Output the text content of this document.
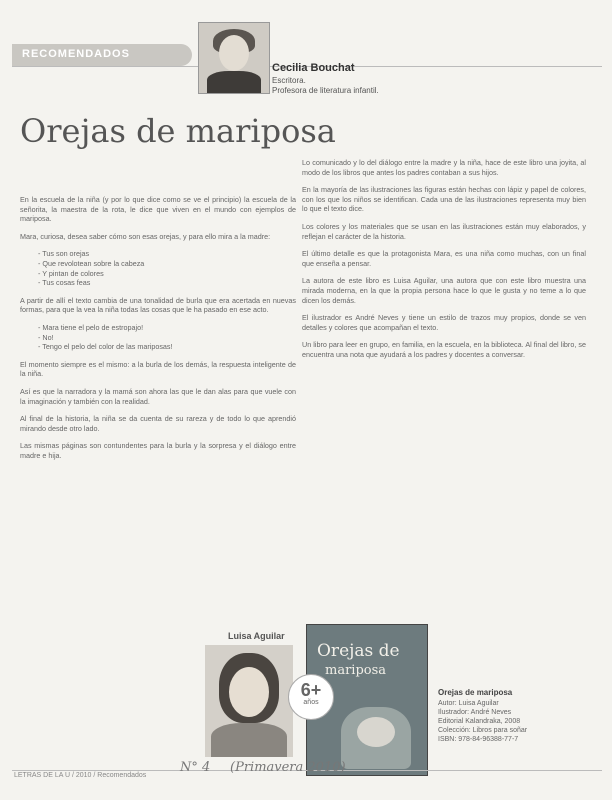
RECOMENDADOS
Cecilia Bouchat
Escritora.
Profesora de literatura infantil.
Orejas de mariposa

En la escuela de la niña (y por lo que dice como se ve el principio) la escuela de la señorita, la maestra de la rota, le dice que viven en el mundo con ejemplos de mariposa.

Mara, curiosa, desea saber cómo son esas orejas, y para ello mira a la madre:

- Tus son orejas
- Que revolotean sobre la cabeza
- Y pintan de colores
- Tus cosas feas

A partir de allí el texto cambia de una tonalidad de burla que era acertada en nuevas formas, para que la vea la niña todas las cosas que le ha pasado en ese acto.

- Mara tiene el pelo de estropajo!
- No!
- Tengo el pelo del color de las mariposas!

El momento siempre es el mismo: a la burla de los demás, la respuesta inteligente de la niña.

Así es que la narradora y la mamá son ahora las que le dan alas para que vuele con la imaginación y también con la realidad.

Al final de la historia, la niña se da cuenta de su rareza y de todo lo que aprendió mirando desde otro lado.

Las mismas páginas son contundentes para la burla y la sorpresa y el diálogo entre madre e hija.

Lo comunicado y lo del diálogo entre la madre y la niña, hace de este libro una joyita, al modo de los libros que antes los padres contaban a sus hijos.

En la mayoría de las ilustraciones las figuras están hechas con lápiz y papel de colores, con los que los niños se identifican. Cada una de las ilustraciones representa muy bien lo que el texto dice.

Los colores y los materiales que se usan en las ilustraciones están muy elaborados, y reflejan el carácter de la historia.

El último detalle es que la protagonista Mara, es una niña como muchas, con un final que enseña a pensar.

La autora de este libro es Luisa Aguilar, una autora que con este libro muestra una mirada moderna, en la que la propia persona hace lo que le gusta y no teme a lo que dicen los demás.

El ilustrador es André Neves y tiene un estilo de trazos muy propios, donde se ven detalles y colores que acompañan el texto.

Un libro para leer en grupo, en familia, en la escuela, en la biblioteca. Al final del libro, se encuentra una nota que ayudará a los padres y docentes a conversar.

Luisa Aguilar
Orejas de
mariposa
6+
años
Orejas de mariposa
Autor: Luisa Aguilar
Ilustrador: André Neves
Editorial Kalandraka, 2008
Colección: Libros para soñar
ISBN: 978-84-96388-77-7
LETRAS DE LA U / 2010 / Recomendados
N° 4 (Primavera 2010)
